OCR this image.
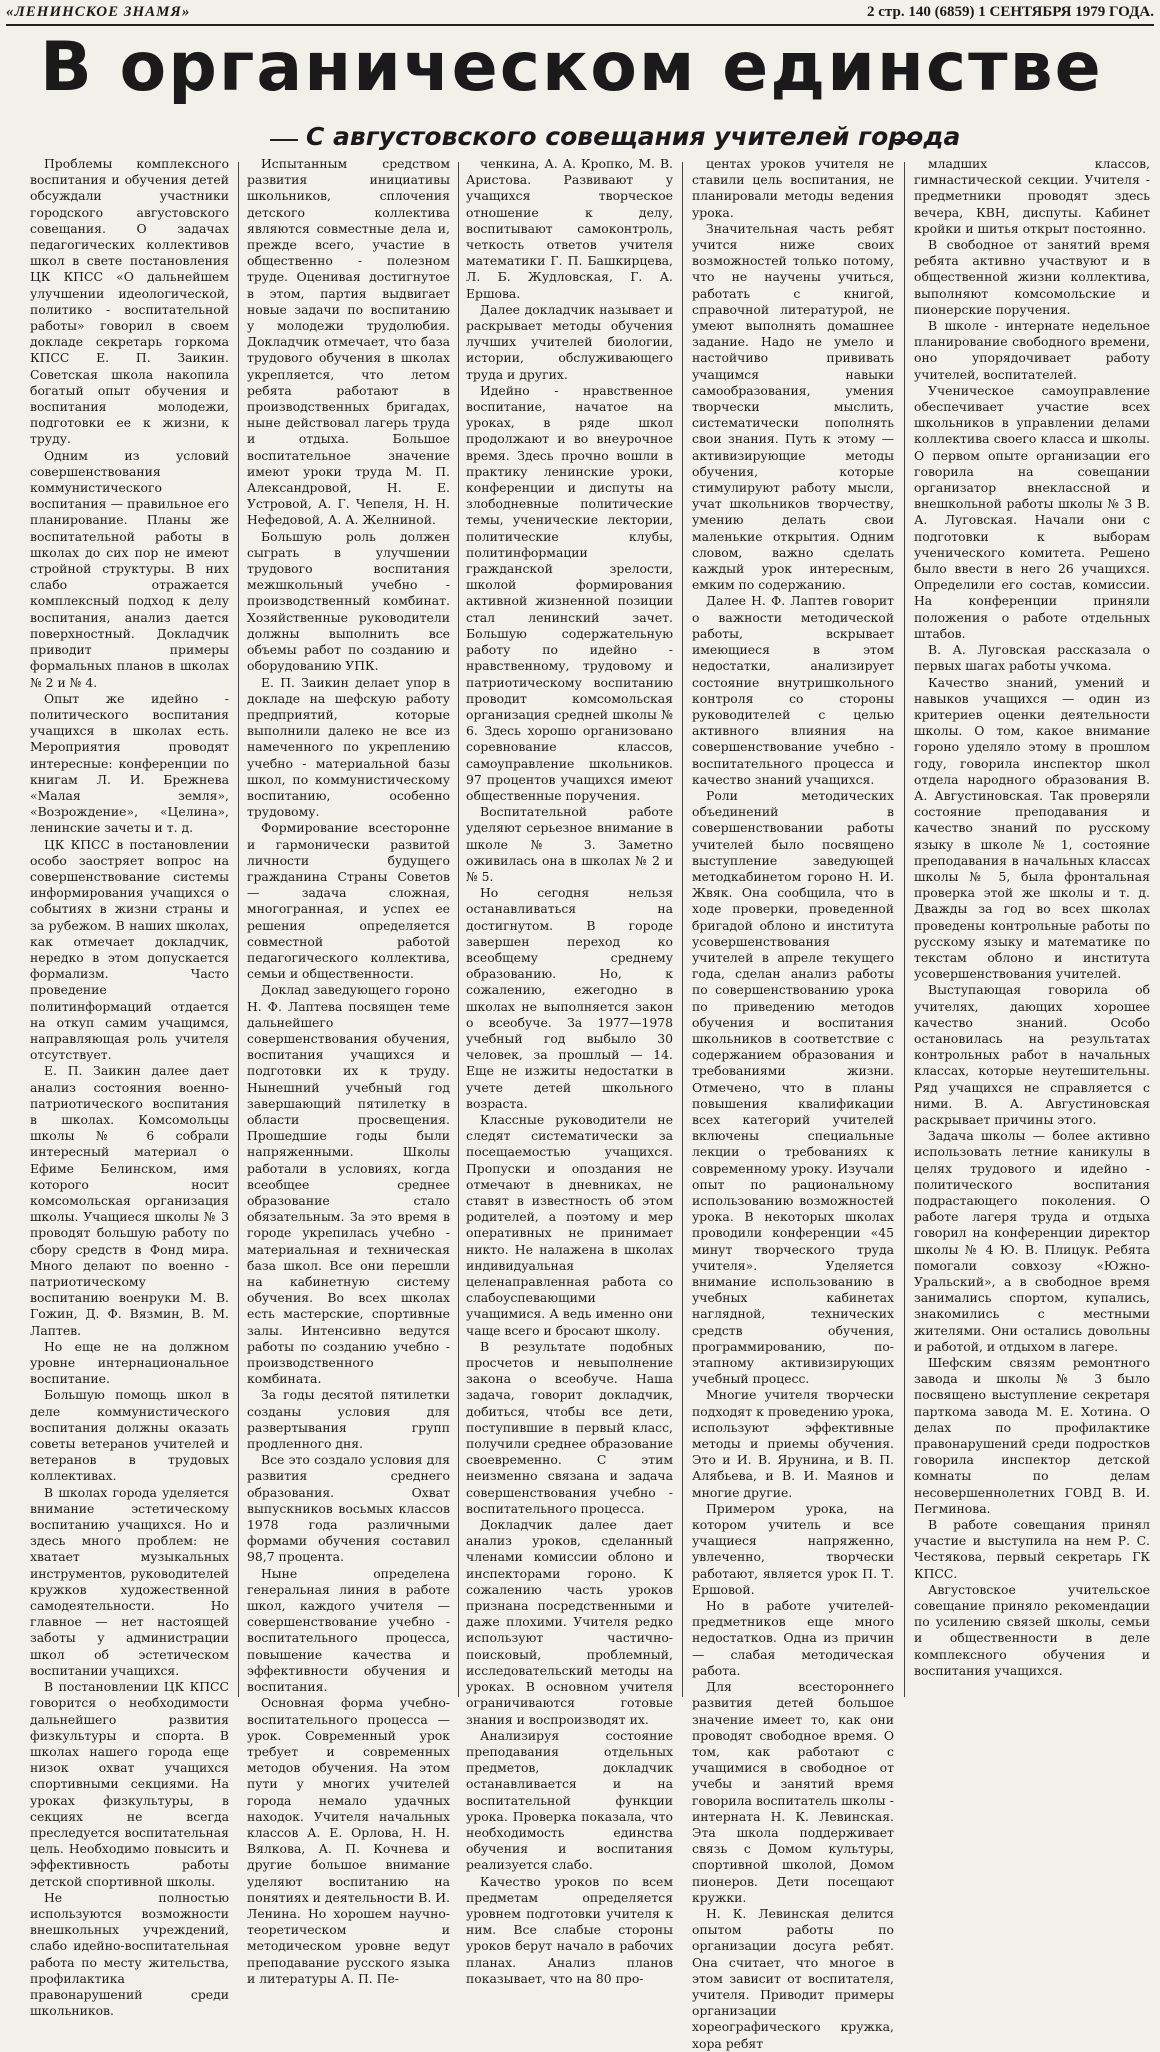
«ЛЕНИНСКОЕ ЗНАМЯ»	2 стр. 140 (6859) 1 СЕНТЯБРЯ 1979 ГОДА.
В органическом единстве
С августовского совещания учителей города

Проблемы комплексного воспитания и обучения детей обсуждали участники городского августовского совещания. О задачах педагогических коллективов школ в свете постановления ЦК КПСС «О дальнейшем улучшении идеологической, политико - воспитательной работы» говорил в своем докладе секретарь горкома КПСС Е. П. Заикин. Советская школа накопила богатый опыт обучения и воспитания молодежи, подготовки ее к жизни, к труду.

Одним из условий совершенствования коммунистического воспитания — правильное его планирование. Планы же воспитательной работы в школах до сих пор не имеют стройной структуры. В них слабо отражается комплексный подход к делу воспитания, анализ дается поверхностный. Докладчик приводит примеры формальных планов в школах № 2 и № 4.

Опыт же идейно - политического воспитания учащихся в школах есть. Мероприятия проводят интересные: конференции по книгам Л. И. Брежнева «Малая земля», «Возрождение», «Целина», ленинские зачеты и т. д.

ЦК КПСС в постановлении особо заостряет вопрос на совершенствование системы информирования учащихся о событиях в жизни страны и за рубежом. В наших школах, как отмечает докладчик, нередко в этом допускается формализм. Часто проведение политинформаций отдается на откуп самим учащимся, направляющая роль учителя отсутствует.

Е. П. Заикин далее дает анализ состояния военно-патриотического воспитания в школах. Комсомольцы школы № 6 собрали интересный материал о Ефиме Белинском, имя которого носит комсомольская организация школы. Учащиеся школы № 3 проводят большую работу по сбору средств в Фонд мира. Много делают по военно - патриотическому воспитанию военруки М. В. Гожин, Д. Ф. Вязмин, В. М. Лаптев.

Но еще не на должном уровне интернациональное воспитание.

Большую помощь школ в деле коммунистического воспитания должны оказать советы ветеранов учителей и ветеранов в трудовых коллективах.

В школах города уделяется внимание эстетическому воспитанию учащихся. Но и здесь много проблем: не хватает музыкальных инструментов, руководителей кружков художественной самодеятельности. Но главное — нет настоящей заботы у администрации школ об эстетическом воспитании учащихся.

В постановлении ЦК КПСС говорится о необходимости дальнейшего развития физкультуры и спорта. В школах нашего города еще низок охват учащихся спортивными секциями. На уроках физкультуры, в секциях не всегда преследуется воспитательная цель. Необходимо повысить и эффективность работы детской спортивной школы.

Не полностью используются возможности внешкольных учреждений, слабо идейно-воспитательная работа по месту жительства, профилактика правонарушений среди школьников.

Испытанным средством развития инициативы школьников, сплочения детского коллектива являются совместные дела и, прежде всего, участие в общественно - полезном труде. Оценивая достигнутое в этом, партия выдвигает новые задачи по воспитанию у молодежи трудолюбия. Докладчик отмечает, что база трудового обучения в школах укрепляется, что летом ребята работают в производственных бригадах, ныне действовал лагерь труда и отдыха. Большое воспитательное значение имеют уроки труда М. П. Александровой, Н. Е. Устровой, А. Г. Чепеля, Н. Н. Нефедовой, А. А. Желниной.

Большую роль должен сыграть в улучшении трудового воспитания межшкольный учебно - производственный комбинат. Хозяйственные руководители должны выполнить все объемы работ по созданию и оборудованию УПК.

Е. П. Заикин делает упор в докладе на шефскую работу предприятий, которые выполнили далеко не все из намеченного по укреплению учебно - материальной базы школ, по коммунистическому воспитанию, особенно трудовому.

Формирование всесторонне и гармонически развитой личности будущего гражданина Страны Советов — задача сложная, многогранная, и успех ее решения определяется совместной работой педагогического коллектива, семьи и общественности.

Доклад заведующего гороно Н. Ф. Лаптева посвящен теме дальнейшего совершенствования обучения, воспитания учащихся и подготовки их к труду. Нынешний учебный год завершающий пятилетку в области просвещения. Прошедшие годы были напряженными. Школы работали в условиях, когда всеобщее среднее образование стало обязательным. За это время в городе укрепилась учебно - материальная и техническая база школ. Все они перешли на кабинетную систему обучения. Во всех школах есть мастерские, спортивные залы. Интенсивно ведутся работы по созданию учебно - производственного комбината.

За годы десятой пятилетки созданы условия для развертывания групп продленного дня.

Все это создало условия для развития среднего образования. Охват выпускников восьмых классов 1978 года различными формами обучения составил 98,7 процента.

Ныне определена генеральная линия в работе школ, каждого учителя — совершенствование учебно - воспитательного процесса, повышение качества и эффективности обучения и воспитания.

Основная форма учебно-воспитательного процесса — урок. Современный урок требует и современных методов обучения. На этом пути у многих учителей города немало удачных находок. Учителя начальных классов А. Е. Орлова, Н. Н. Вялкова, А. П. Кочнева и другие большое внимание уделяют воспитанию на понятиях и деятельности В. И. Ленина. Но хорошем научно-теоретическом и методическом уровне ведут преподавание русского языка и литературы А. П. Пе-

ченкина, А. А. Кропко, М. В. Аристова. Развивают у учащихся творческое отношение к делу, воспитывают самоконтроль, четкость ответов учителя математики Г. П. Башкирцева, Л. Б. Жудловская, Г. А. Ершова.

Далее докладчик называет и раскрывает методы обучения лучших учителей биологии, истории, обслуживающего труда и других.

Идейно - нравственное воспитание, начатое на уроках, в ряде школ продолжают и во внеурочное время. Здесь прочно вошли в практику ленинские уроки, конференции и диспуты на злободневные политические темы, ученические лектории, политические клубы, политинформации гражданской зрелости, школой формирования активной жизненной позиции стал ленинский зачет. Большую содержательную работу по идейно - нравственному, трудовому и патриотическому воспитанию проводит комсомольская организация средней школы № 6. Здесь хорошо организовано соревнование классов, самоуправление школьников. 97 процентов учащихся имеют общественные поручения.

Воспитательной работе уделяют серьезное внимание в школе № 3. Заметно оживилась она в школах № 2 и № 5.

Но сегодня нельзя останавливаться на достигнутом. В городе завершен переход ко всеобщему среднему образованию. Но, к сожалению, ежегодно в школах не выполняется закон о всеобуче. За 1977—1978 учебный год выбыло 30 человек, за прошлый — 14. Еще не изжиты недостатки в учете детей школьного возраста.

Классные руководители не следят систематически за посещаемостью учащихся. Пропуски и опоздания не отмечают в дневниках, не ставят в известность об этом родителей, а поэтому и мер оперативных не принимает никто. Не налажена в школах индивидуальная целенаправленная работа со слабоуспевающими учащимися. А ведь именно они чаще всего и бросают школу.

В результате подобных просчетов и невыполнение закона о всеобуче. Наша задача, говорит докладчик, добиться, чтобы все дети, поступившие в первый класс, получили среднее образование своевременно. С этим неизменно связана и задача совершенствования учебно - воспитательного процесса.

Докладчик далее дает анализ уроков, сделанный членами комиссии облоно и инспекторами гороно. К сожалению часть уроков признана посредственными и даже плохими. Учителя редко используют частично-поисковый, проблемный, исследовательский методы на уроках. В основном учителя ограничиваются готовые знания и воспроизводят их.

Анализируя состояние преподавания отдельных предметов, докладчик останавливается и на воспитательной функции урока. Проверка показала, что необходимость единства обучения и воспитания реализуется слабо.

Качество уроков по всем предметам определяется уровнем подготовки учителя к ним. Все слабые стороны уроков берут начало в рабочих планах. Анализ планов показывает, что на 80 про-

центах уроков учителя не ставили цель воспитания, не планировали методы ведения урока.

Значительная часть ребят учится ниже своих возможностей только потому, что не научены учиться, работать с книгой, справочной литературой, не умеют выполнять домашнее задание. Надо не умело и настойчиво прививать учащимся навыки самообразования, умения творчески мыслить, систематически пополнять свои знания. Путь к этому — активизирующие методы обучения, которые стимулируют работу мысли, учат школьников творчеству, умению делать свои маленькие открытия. Одним словом, важно сделать каждый урок интересным, емким по содержанию.

Далее Н. Ф. Лаптев говорит о важности методической работы, вскрывает имеющиеся в этом недостатки, анализирует состояние внутришкольного контроля со стороны руководителей с целью активного влияния на совершенствование учебно - воспитательного процесса и качество знаний учащихся.

Роли методических объединений в совершенствовании работы учителей было посвящено выступление заведующей методкабинетом гороно Н. И. Жвяк. Она сообщила, что в ходе проверки, проведенной бригадой облоно и института усовершенствования учителей в апреле текущего года, сделан анализ работы по совершенствованию урока по приведению методов обучения и воспитания школьников в соответствие с содержанием образования и требованиями жизни. Отмечено, что в планы повышения квалификации всех категорий учителей включены специальные лекции о требованиях к современному уроку. Изучали опыт по рациональному использованию возможностей урока. В некоторых школах проводили конференции «45 минут творческого труда учителя». Уделяется внимание использованию в учебных кабинетах наглядной, технических средств обучения, программированию, по-этапному активизирующих учебный процесс.

Многие учителя творчески подходят к проведению урока, используют эффективные методы и приемы обучения. Это и И. В. Ярунина, и В. П. Алябьева, и В. И. Маянов и многие другие.

Примером урока, на котором учитель и все учащиеся напряженно, увлеченно, творчески работают, является урок П. Т. Ершовой.

Но в работе учителей-предметников еще много недостатков. Одна из причин — слабая методическая работа.

Для всестороннего развития детей большое значение имеет то, как они проводят свободное время. О том, как работают с учащимися в свободное от учебы и занятий время говорила воспитатель школы - интерната Н. К. Левинская. Эта школа поддерживает связь с Домом культуры, спортивной школой, Домом пионеров. Дети посещают кружки.

Н. К. Левинская делится опытом работы по организации досуга ребят. Она считает, что многое в этом зависит от воспитателя, учителя. Приводит примеры организации хореографического кружка, хора ребят

младших классов, гимнастической секции. Учителя - предметники проводят здесь вечера, КВН, диспуты. Кабинет кройки и шитья открыт постоянно.

В свободное от занятий время ребята активно участвуют и в общественной жизни коллектива, выполняют комсомольские и пионерские поручения.

В школе - интернате недельное планирование свободного времени, оно упорядочивает работу учителей, воспитателей.

Ученическое самоуправление обеспечивает участие всех школьников в управлении делами коллектива своего класса и школы. О первом опыте организации его говорила на совещании организатор внеклассной и внешкольной работы школы № 3 В. А. Луговская. Начали они с подготовки к выборам ученического комитета. Решено было ввести в него 26 учащихся. Определили его состав, комиссии. На конференции приняли положения о работе отдельных штабов.

В. А. Луговская рассказала о первых шагах работы учкома.

Качество знаний, умений и навыков учащихся — один из критериев оценки деятельности школы. О том, какое внимание гороно уделяло этому в прошлом году, говорила инспектор школ отдела народного образования В. А. Августиновская. Так проверяли состояние преподавания и качество знаний по русскому языку в школе № 1, состояние преподавания в начальных классах школы № 5, была фронтальная проверка этой же школы и т. д. Дважды за год во всех школах проведены контрольные работы по русскому языку и математике по текстам облоно и института усовершенствования учителей.

Выступающая говорила об учителях, дающих хорошее качество знаний. Особо остановилась на результатах контрольных работ в начальных классах, которые неутешительны. Ряд учащихся не справляется с ними. В. А. Августиновская раскрывает причины этого.

Задача школы — более активно использовать летние каникулы в целях трудового и идейно - политического воспитания подрастающего поколения. О работе лагеря труда и отдыха говорил на конференции директор школы № 4 Ю. В. Плицук. Ребята помогали совхозу «Южно-Уральский», а в свободное время занимались спортом, купались, знакомились с местными жителями. Они остались довольны и работой, и отдыхом в лагере.

Шефским связям ремонтного завода и школы № 3 было посвящено выступление секретаря парткома завода М. Е. Хотина. О делах по профилактике правонарушений среди подростков говорила инспектор детской комнаты по делам несовершеннолетних ГОВД В. И. Пегминова.

В работе совещания принял участие и выступила на нем Р. С. Честякова, первый секретарь ГК КПСС.

Августовское учительское совещание приняло рекомендации по усилению связей школы, семьи и общественности в деле комплексного обучения и воспитания учащихся.
